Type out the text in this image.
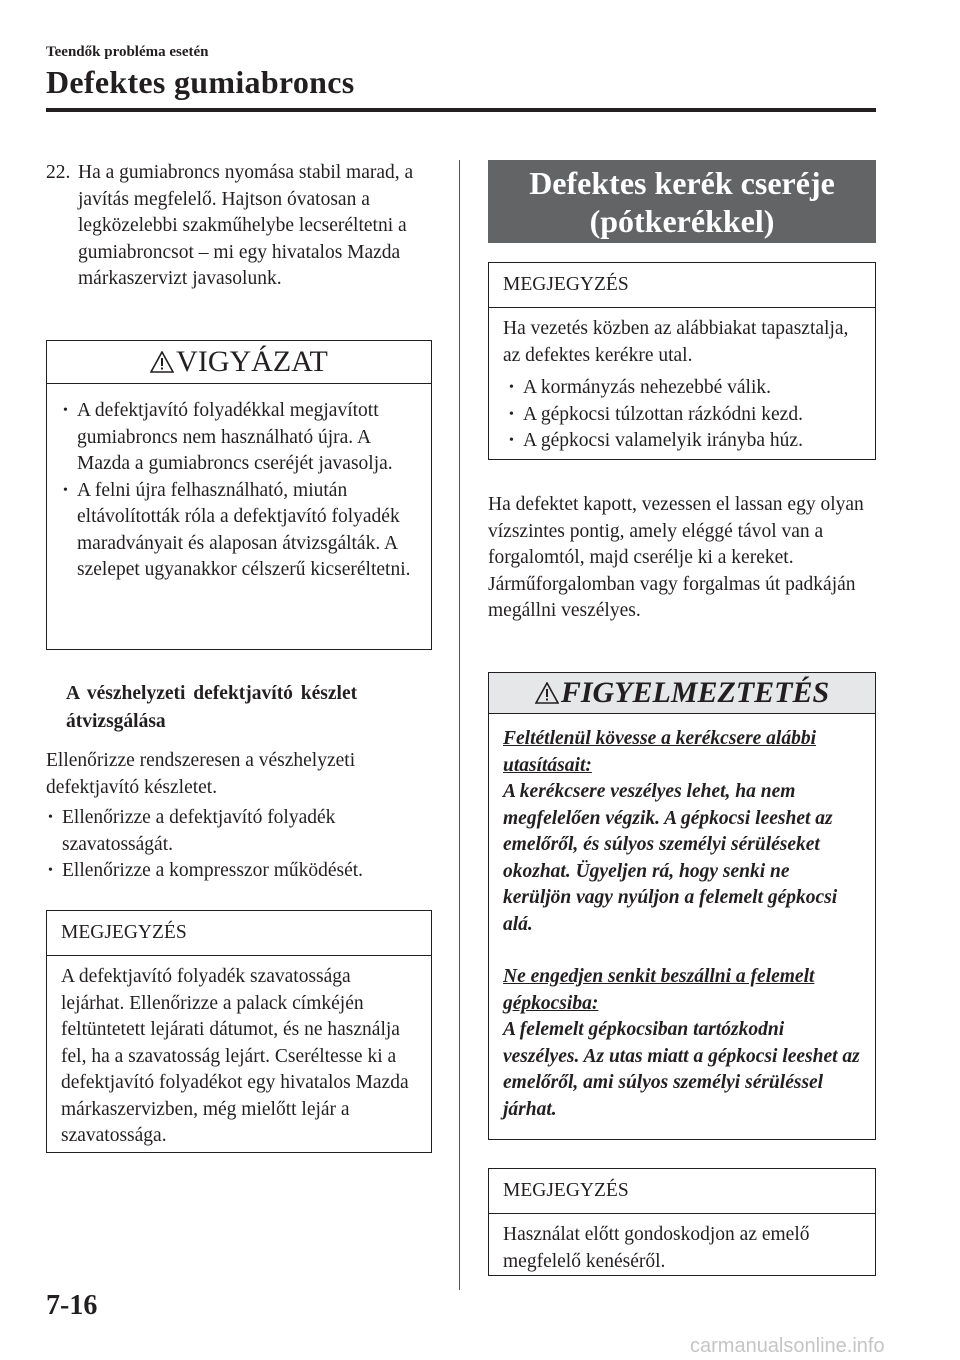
Teendők probléma esetén
Defektes gumiabroncs
22. Ha a gumiabroncs nyomása stabil marad, a javítás megfelelő. Hajtson óvatosan a legközelebbi szakműhelybe lecseréltetni a gumiabroncsot – mi egy hivatalos Mazda márkaszervizt javasolunk.
VIGYÁZAT
• A defektjavító folyadékkal megjavított gumiabroncs nem használható újra. A Mazda a gumiabroncs cseréjét javasolja.
• A felni újra felhasználható, miután eltávolították róla a defektjavító folyadék maradványait és alaposan átvizsgálták. A szelepet ugyanakkor célszerű kicseréltetni.
A vészhelyzeti defektjavító készlet átvizsgálása
Ellenőrizze rendszeresen a vészhelyzeti defektjavító készletet.
• Ellenőrizze a defektjavító folyadék szavatosságát.
• Ellenőrizze a kompresszor működését.
MEGJEGYZÉS
A defektjavító folyadék szavatossága lejárhat. Ellenőrizze a palack címkéjén feltüntetett lejárati dátumot, és ne használja fel, ha a szavatosság lejárt. Cseréltesse ki a defektjavító folyadékot egy hivatalos Mazda márkaszervizben, még mielőtt lejár a szavatossága.
Defektes kerék cseréje
(pótkerékkel)
MEGJEGYZÉS
Ha vezetés közben az alábbiakat tapasztalja, az defektes kerékre utal.
• A kormányzás nehezebbé válik.
• A gépkocsi túlzottan rázkódni kezd.
• A gépkocsi valamelyik irányba húz.
Ha defektet kapott, vezessen el lassan egy olyan vízszintes pontig, amely eléggé távol van a forgalomtól, majd cserélje ki a kereket.
Járműforgalomban vagy forgalmas út padkáján megállni veszélyes.
FIGYELMEZTETÉS
Feltétlenül kövesse a kerékcsere alábbi utasításait:
A kerékcsere veszélyes lehet, ha nem megfelelően végzik. A gépkocsi leeshet az emelőről, és súlyos személyi sérüléseket okozhat. Ügyeljen rá, hogy senki ne kerüljön vagy nyúljon a felemelt gépkocsi alá.
Ne engedjen senkit beszállni a felemelt gépkocsiba:
A felemelt gépkocsiban tartózkodni veszélyes. Az utas miatt a gépkocsi leeshet az emelőről, ami súlyos személyi sérüléssel járhat.
MEGJEGYZÉS
Használat előtt gondoskodjon az emelő megfelelő kenéséről.
7-16
carmanualsonline.info
